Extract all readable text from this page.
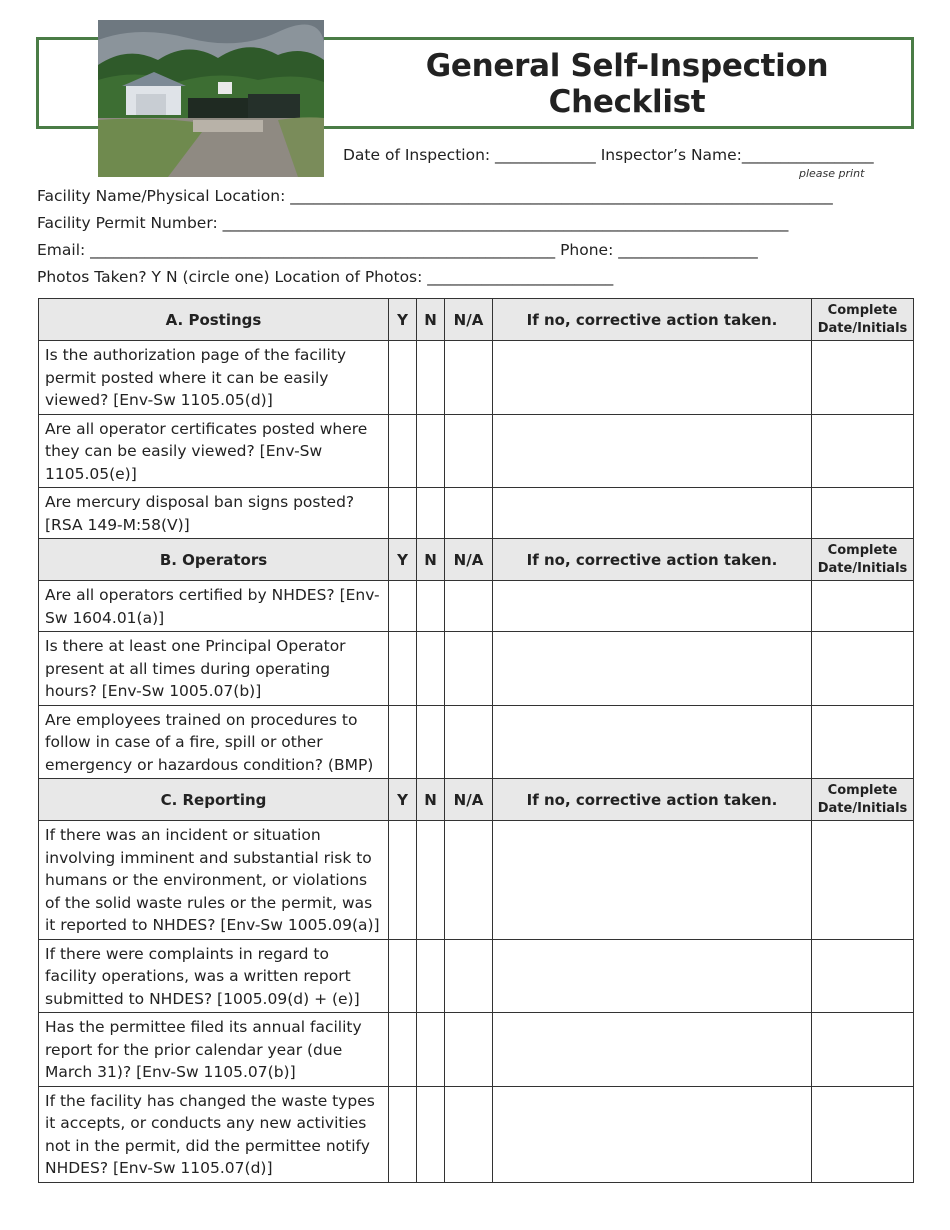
General Self-Inspection Checklist
Date of Inspection: _____________ Inspector’s Name:_________________
please print
Facility Name/Physical Location: ______________________________________________________________________
Facility Permit Number: _________________________________________________________________________
Email: ____________________________________________________________ Phone: __________________
Photos Taken? Y N (circle one) Location of Photos: ________________________
A. Postings	Y	N	N/A	If no, corrective action taken.	Complete
Date/Initials
Is the authorization page of the facility permit posted where it can be easily viewed? [Env-Sw 1105.05(d)]					
Are all operator certificates posted where they can be easily viewed? [Env-Sw 1105.05(e)]					
Are mercury disposal ban signs posted? [RSA 149-M:58(V)]					
B. Operators	Y	N	N/A	If no, corrective action taken.	Complete
Date/Initials
Are all operators certified by NHDES? [Env-Sw 1604.01(a)]					
Is there at least one Principal Operator present at all times during operating hours? [Env-Sw 1005.07(b)]					
Are employees trained on procedures to follow in case of a fire, spill or other emergency or hazardous condition? (BMP)					
C. Reporting	Y	N	N/A	If no, corrective action taken.	Complete
Date/Initials
If there was an incident or situation involving imminent and substantial risk to humans or the environment, or violations of the solid waste rules or the permit, was it reported to NHDES? [Env-Sw 1005.09(a)]					
If there were complaints in regard to facility operations, was a written report submitted to NHDES? [1005.09(d) + (e)]					
Has the permittee filed its annual facility report for the prior calendar year (due March 31)? [Env-Sw 1105.07(b)]					
If the facility has changed the waste types it accepts, or conducts any new activities not in the permit, did the permittee notify NHDES? [Env-Sw 1105.07(d)]					
